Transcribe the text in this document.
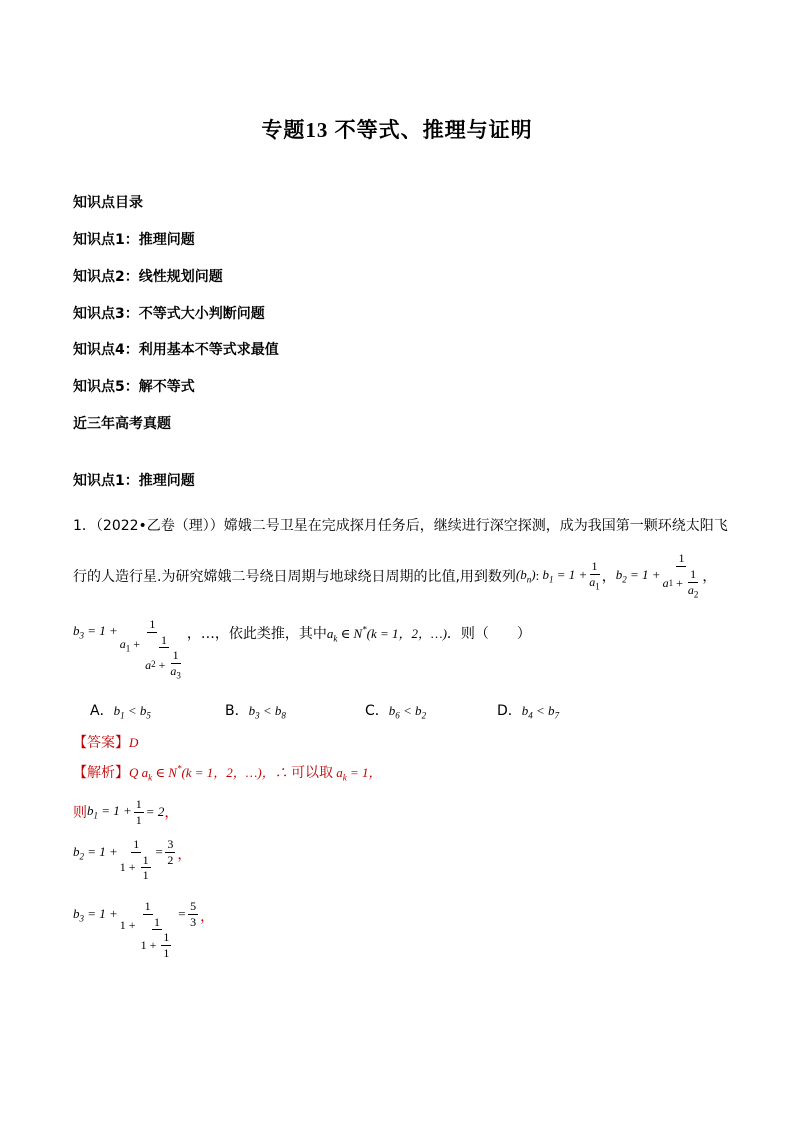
专题13 不等式、推理与证明
知识点目录
知识点1：推理问题
知识点2：线性规划问题
知识点3：不等式大小判断问题
知识点4：利用基本不等式求最值
知识点5：解不等式
近三年高考真题
知识点1：推理问题
1．（2022•乙卷（理））嫦娥二号卫星在完成探月任务后，继续进行深空探测，成为我国第一颗环绕太阳飞
行的人造行星.为研究嫦娥二号绕日周期与地球绕日周期的比值,用到数列 $(b_n)$ : $b_1 = 1 + \frac{1}{a_1}$ ， $b_2 = 1 + \frac{1}{a 1 + \frac{1}{a_2}}$ ，
$b_3 = 1 + \frac{1}{a_1 + \frac{1}{a 2 + \frac{1}{a_3}}}$ ，…，依此类推，其中 $a_k$ ∈ N*(k = 1，2，…) ．则（　　）
A．$b_1 < b_5$	B．$b_3 < b_8$	C．$b_6 < b_2$	D．$b_4 < b_7$
【答案】D
【解析】Q $a_k$ ∈ N*(k = 1，2，…)，∴ 可以取 $a_k = 1$，
则 $b_1 = 1 + \frac{1}{1} = 2$ ，
$b_2 = 1 + \frac{1}{1 + \frac{1}{1}} = \frac{3}{2}$ ，
$b_3 = 1 + \frac{1}{1 + \frac{1}{1 + \frac{1}{1}}} = \frac{5}{3}$ ，
